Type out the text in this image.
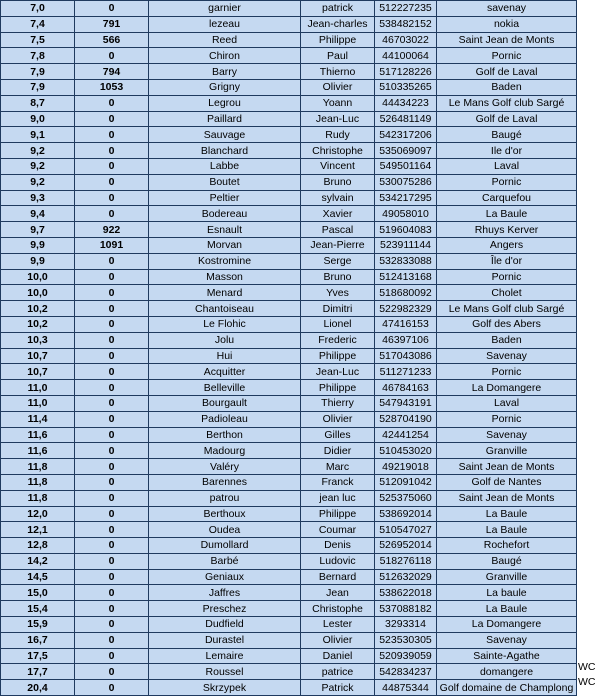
7,0	0	garnier	patrick	512227235	savenay
7,4	791	lezeau	Jean-charles	538482152	nokia
7,5	566	Reed	Philippe	46703022	Saint Jean de Monts
7,8	0	Chiron	Paul	44100064	Pornic
7,9	794	Barry	Thierno	517128226	Golf de Laval
7,9	1053	Grigny	Olivier	510335265	Baden
8,7	0	Legrou	Yoann	44434223	Le Mans Golf club Sargé
9,0	0	Paillard	Jean-Luc	526481149	Golf de Laval
9,1	0	Sauvage	Rudy	542317206	Baugé
9,2	0	Blanchard	Christophe	535069097	Ile d'or
9,2	0	Labbe	Vincent	549501164	Laval
9,2	0	Boutet	Bruno	530075286	Pornic
9,3	0	Peltier	sylvain	534217295	Carquefou
9,4	0	Bodereau	Xavier	49058010	La Baule
9,7	922	Esnault	Pascal	519604083	Rhuys Kerver
9,9	1091	Morvan	Jean-Pierre	523911144	Angers
9,9	0	Kostromine	Serge	532833088	Île d'or
10,0	0	Masson	Bruno	512413168	Pornic
10,0	0	Menard	Yves	518680092	Cholet
10,2	0	Chantoiseau	Dimitri	522982329	Le Mans Golf club Sargé
10,2	0	Le Flohic	Lionel	47416153	Golf des Abers
10,3	0	Jolu	Frederic	46397106	Baden
10,7	0	Hui	Philippe	517043086	Savenay
10,7	0	Acquitter	Jean-Luc	511271233	Pornic
11,0	0	Belleville	Philippe	46784163	La Domangere
11,0	0	Bourgault	Thierry	547943191	Laval
11,4	0	Padioleau	Olivier	528704190	Pornic
11,6	0	Berthon	Gilles	42441254	Savenay
11,6	0	Madourg	Didier	510453020	Granville
11,8	0	Valéry	Marc	49219018	Saint Jean de Monts
11,8	0	Barennes	Franck	512091042	Golf de Nantes
11,8	0	patrou	jean luc	525375060	Saint Jean de Monts
12,0	0	Berthoux	Philippe	538692014	La Baule
12,1	0	Oudea	Coumar	510547027	La Baule
12,8	0	Dumollard	Denis	526952014	Rochefort
14,2	0	Barbé	Ludovic	518276118	Baugé
14,5	0	Geniaux	Bernard	512632029	Granville
15,0	0	Jaffres	Jean	538622018	La baule
15,4	0	Preschez	Christophe	537088182	La Baule
15,9	0	Dudfield	Lester	3293314	La Domangere
16,7	0	Durastel	Olivier	523530305	Savenay
17,5	0	Lemaire	Daniel	520939059	Sainte-Agathe
17,7	0	Roussel	patrice	542834237	domangere
20,4	0	Skrzypek	Patrick	44875344	Golf domaine de Champlong
WC
WC
